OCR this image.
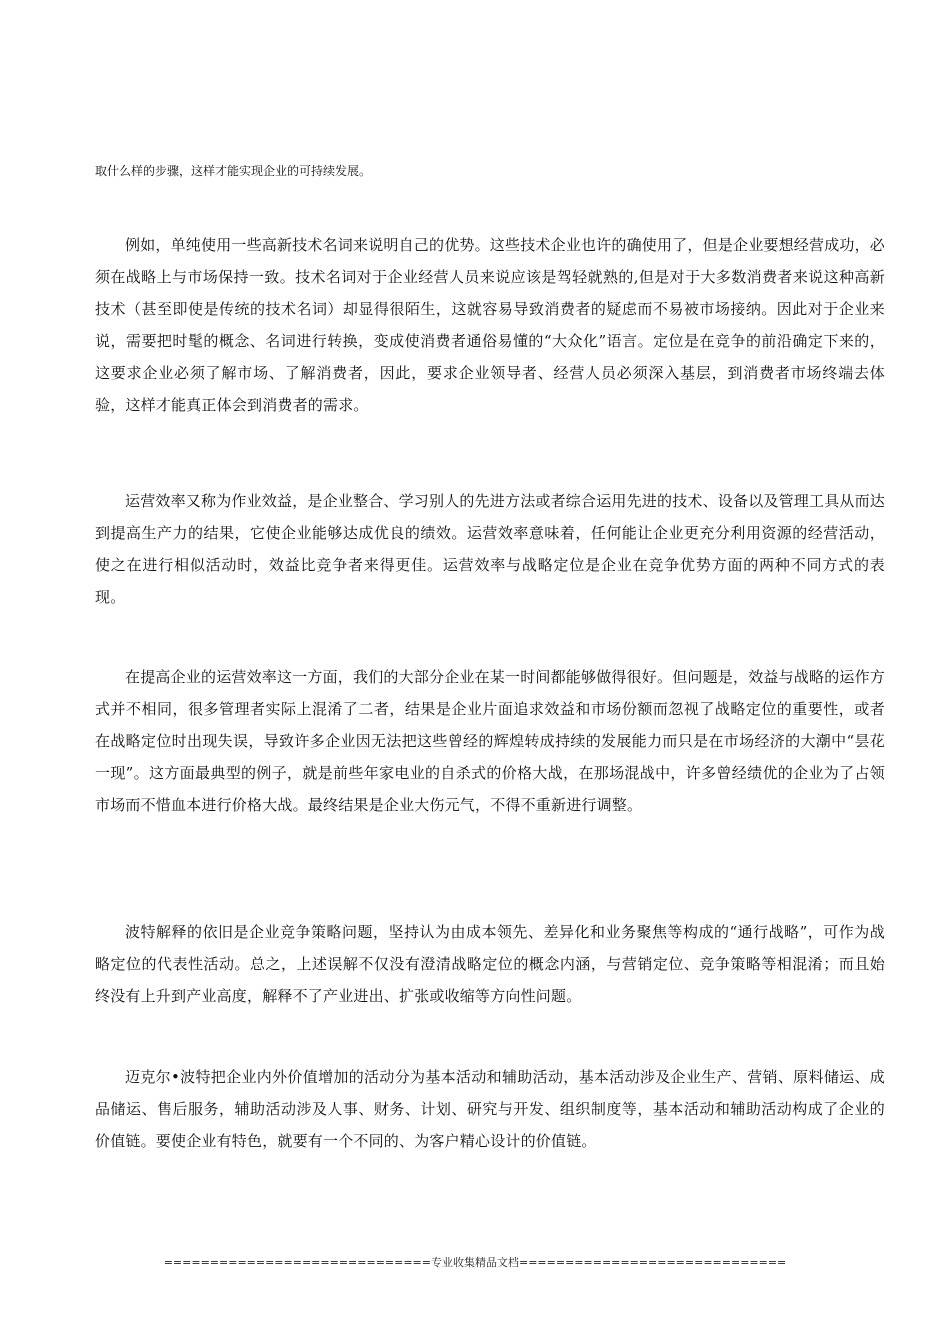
取什么样的步骤，这样才能实现企业的可持续发展。

例如，单纯使用一些高新技术名词来说明自己的优势。这些技术企业也许的确使用了，但是企业要想经营成功，必须在战略上与市场保持一致。技术名词对于企业经营人员来说应该是驾轻就熟的,但是对于大多数消费者来说这种高新技术（甚至即使是传统的技术名词）却显得很陌生，这就容易导致消费者的疑虑而不易被市场接纳。因此对于企业来说，需要把时髦的概念、名词进行转换，变成使消费者通俗易懂的“大众化”语言。定位是在竞争的前沿确定下来的，这要求企业必须了解市场、了解消费者，因此，要求企业领导者、经营人员必须深入基层，到消费者市场终端去体验，这样才能真正体会到消费者的需求。

运营效率又称为作业效益，是企业整合、学习别人的先进方法或者综合运用先进的技术、设备以及管理工具从而达到提高生产力的结果，它使企业能够达成优良的绩效。运营效率意味着，任何能让企业更充分利用资源的经营活动，使之在进行相似活动时，效益比竞争者来得更佳。运营效率与战略定位是企业在竞争优势方面的两种不同方式的表现。

在提高企业的运营效率这一方面，我们的大部分企业在某一时间都能够做得很好。但问题是，效益与战略的运作方式并不相同，很多管理者实际上混淆了二者，结果是企业片面追求效益和市场份额而忽视了战略定位的重要性，或者在战略定位时出现失误，导致许多企业因无法把这些曾经的辉煌转成持续的发展能力而只是在市场经济的大潮中“昙花一现”。这方面最典型的例子，就是前些年家电业的自杀式的价格大战，在那场混战中，许多曾经绩优的企业为了占领市场而不惜血本进行价格大战。最终结果是企业大伤元气，不得不重新进行调整。

波特解释的依旧是企业竞争策略问题，坚持认为由成本领先、差异化和业务聚焦等构成的“通行战略”，可作为战略定位的代表性活动。总之，上述误解不仅没有澄清战略定位的概念内涵，与营销定位、竞争策略等相混淆；而且始终没有上升到产业高度，解释不了产业进出、扩张或收缩等方向性问题。

迈克尔•波特把企业内外价值增加的活动分为基本活动和辅助活动，基本活动涉及企业生产、营销、原料储运、成品储运、售后服务，辅助活动涉及人事、财务、计划、研究与开发、组织制度等，基本活动和辅助活动构成了企业的价值链。要使企业有特色，就要有一个不同的、为客户精心设计的价值链。

=============================专业收集精品文档=============================
